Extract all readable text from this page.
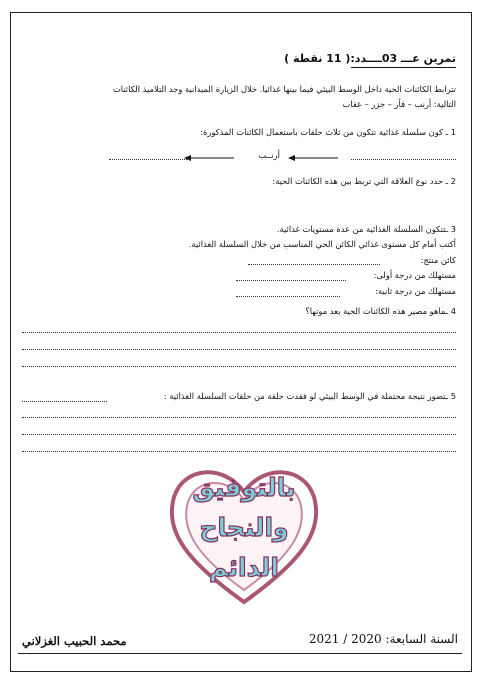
تمرين عـــ 03ــــدد:( 11 نقطة )
تترابط الكائنات الحية داخل الوسط البيئي فيما بينها غذائيا. خلال الزيارة الميدانية وجد التلاميذ الكائنات
التالية: أرنب – فأر – جزر – عقاب
1 ـ كون سلسلة غذائية تتكون من ثلاث حلقات باستعمال الكائنات المذكورة:
أرنــب
2 ـ حدد نوع العلاقة التي تربط بين هذه الكائنات الحية:
3 ـتتكون السلسلة الغذائية من عدة مستويات غذائية.
أكتب أمام كل مستوى غذائي الكائن الحي المناسب من خلال السلسلة الغذائية.
كائن منتج:
مستهلك من درجة أولى:
مستهلك من درجة ثانية:
4 ـماهو مصير هذه الكائنات الحية بعد موتها؟
5 ـتصور نتيجة محتملة في الوسط البيئي لو فقدت حلقة من حلقات السلسلة الغذائية :
بالتوفيق
والنجاح
الدائم
محمد الحبيب الغزلاني	السنة السابعة: 2020 / 2021
